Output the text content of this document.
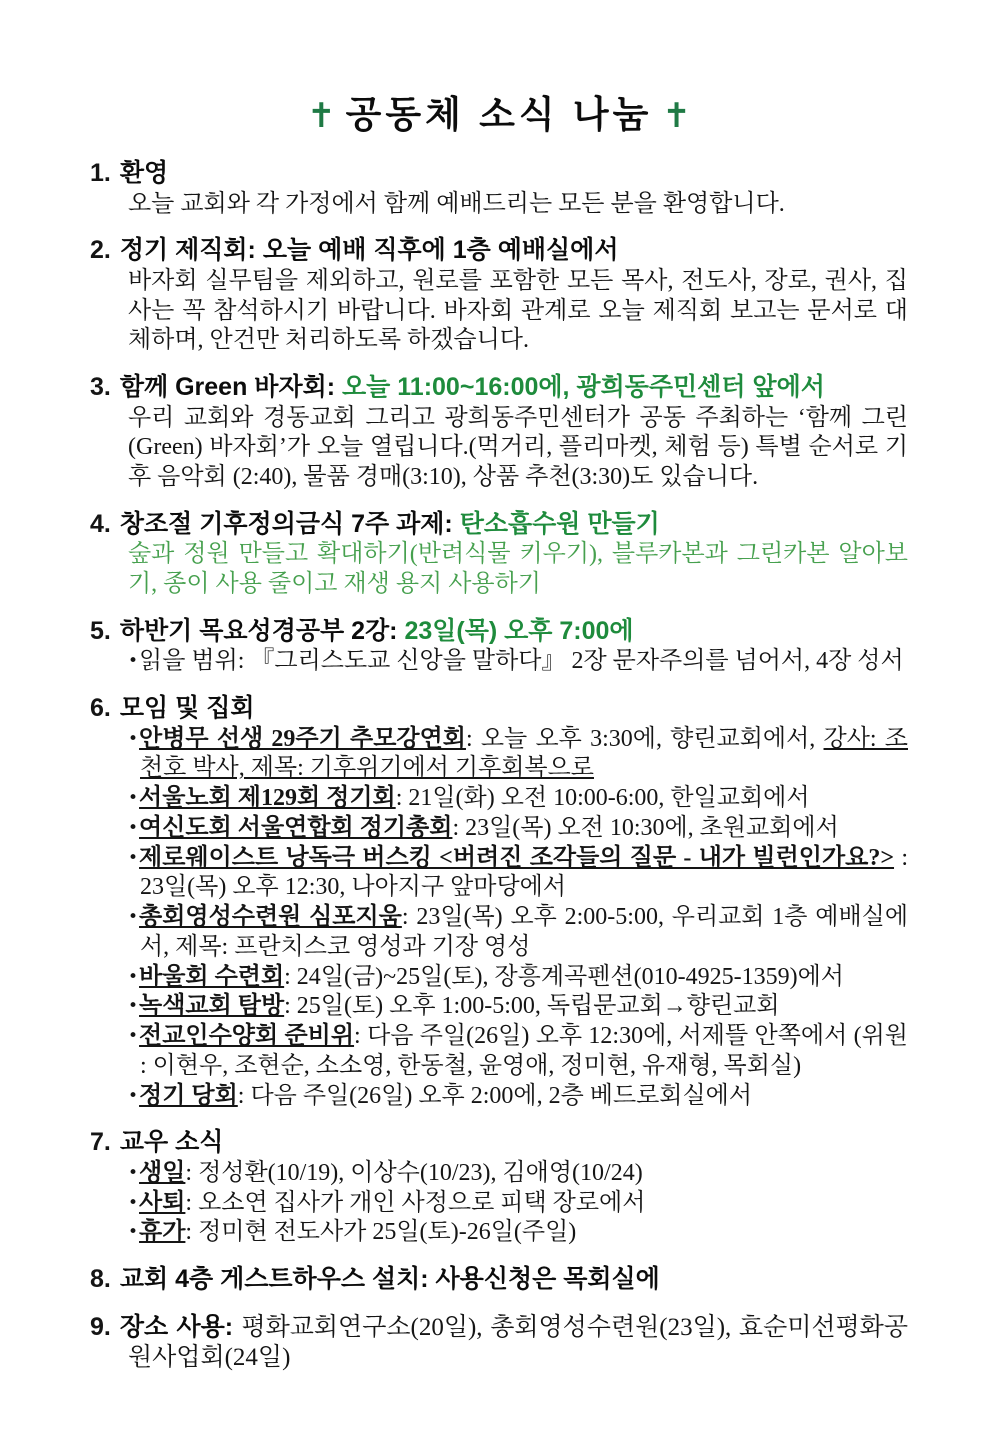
✝ 공동체 소식 나눔 ✝
1. 환영

오늘 교회와 각 가정에서 함께 예배드리는 모든 분을 환영합니다.

2. 정기 제직회: 오늘 예배 직후에 1층 예배실에서

바자회 실무팀을 제외하고, 원로를 포함한 모든 목사, 전도사, 장로, 권사, 집사는 꼭 참석하시기 바랍니다. 바자회 관계로 오늘 제직회 보고는 문서로 대체하며, 안건만 처리하도록 하겠습니다.

3. 함께 Green 바자회: 오늘 11:00~16:00에, 광희동주민센터 앞에서

우리 교회와 경동교회 그리고 광희동주민센터가 공동 주최하는 ‘함께 그린(Green) 바자회’가 오늘 열립니다.(먹거리, 플리마켓, 체험 등) 특별 순서로 기후 음악회 (2:40), 물품 경매(3:10), 상품 추천(3:30)도 있습니다.

4. 창조절 기후정의금식 7주 과제: 탄소흡수원 만들기

숲과 정원 만들고 확대하기(반려식물 키우기), 블루카본과 그린카본 알아보기, 종이 사용 줄이고 재생 용지 사용하기

5. 하반기 목요성경공부 2강: 23일(목) 오후 7:00에

•읽을 범위: 『그리스도교 신앙을 말하다』 2장 문자주의를 넘어서, 4장 성서

6. 모임 및 집회

•안병무 선생 29주기 추모강연회: 오늘 오후 3:30에, 향린교회에서, 강사: 조천호 박사, 제목: 기후위기에서 기후회복으로

•서울노회 제129회 정기회: 21일(화) 오전 10:00-6:00, 한일교회에서

•여신도회 서울연합회 정기총회: 23일(목) 오전 10:30에, 초원교회에서

•제로웨이스트 낭독극 버스킹 <버려진 조각들의 질문 - 내가 빌런인가요?> : 23일(목) 오후 12:30, 나아지구 앞마당에서

•총회영성수련원 심포지움: 23일(목) 오후 2:00-5:00, 우리교회 1층 예배실에서, 제목: 프란치스코 영성과 기장 영성

•바울회 수련회: 24일(금)~25일(토), 장흥계곡펜션(010-4925-1359)에서

•녹색교회 탐방: 25일(토) 오후 1:00-5:00, 독립문교회→향린교회

•전교인수양회 준비위: 다음 주일(26일) 오후 12:30에, 서제뜰 안쪽에서 (위원 : 이현우, 조현순, 소소영, 한동철, 윤영애, 정미현, 유재형, 목회실)

•정기 당회: 다음 주일(26일) 오후 2:00에, 2층 베드로회실에서

7. 교우 소식

•생일: 정성환(10/19), 이상수(10/23), 김애영(10/24)

•사퇴: 오소연 집사가 개인 사정으로 피택 장로에서

•휴가: 정미현 전도사가 25일(토)-26일(주일)

8. 교회 4층 게스트하우스 설치: 사용신청은 목회실에
9. 장소 사용: 평화교회연구소(20일), 총회영성수련원(23일), 효순미선평화공원사업회(24일)
